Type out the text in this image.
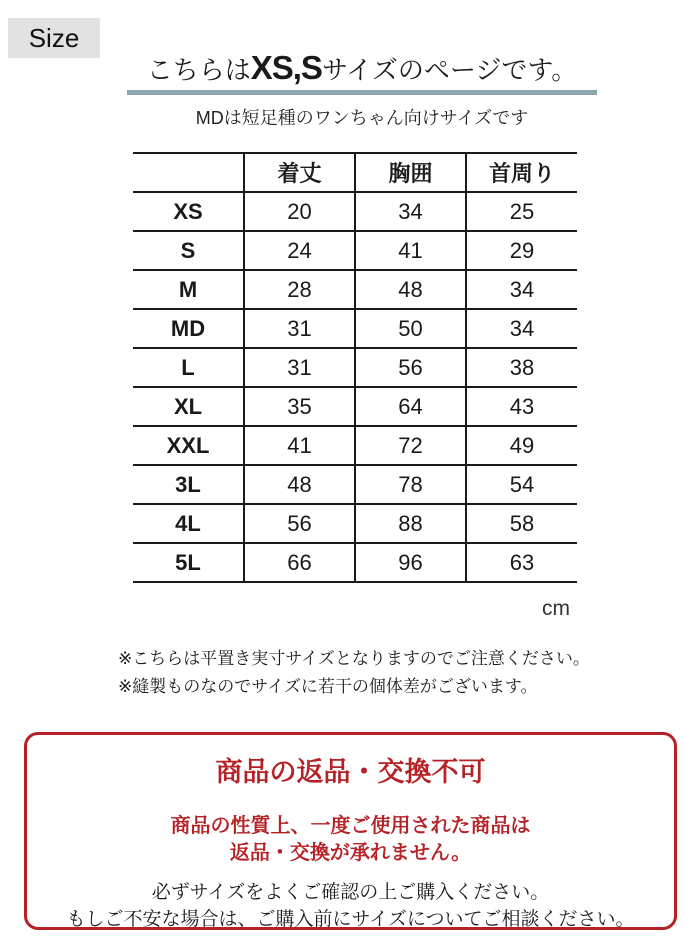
Size
こちらはXS,Sサイズのページです。
MDは短足種のワンちゃん向けサイズです
	着丈	胸囲	首周り
XS	20	34	25
S	24	41	29
M	28	48	34
MD	31	50	34
L	31	56	38
XL	35	64	43
XXL	41	72	49
3L	48	78	54
4L	56	88	58
5L	66	96	63
cm
※こちらは平置き実寸サイズとなりますのでご注意ください。
※縫製ものなのでサイズに若干の個体差がございます。
商品の返品・交換不可
商品の性質上、一度ご使用された商品は
返品・交換が承れません。
必ずサイズをよくご確認の上ご購入ください。
もしご不安な場合は、ご購入前にサイズについてご相談ください。
